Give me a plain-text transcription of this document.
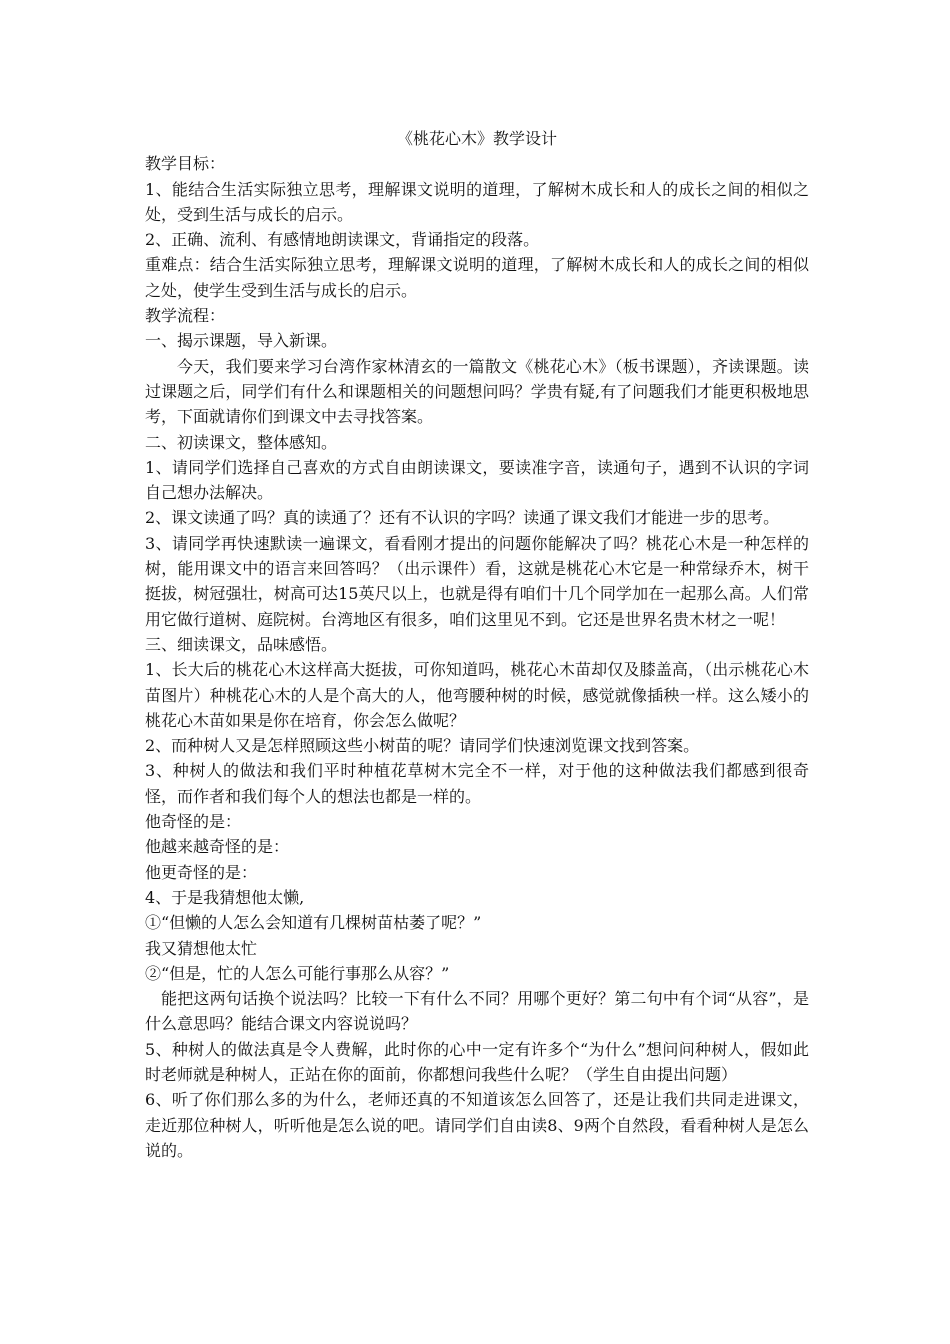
《桃花心木》教学设计

教学目标：

1、能结合生活实际独立思考，理解课文说明的道理，了解树木成长和人的成长之间的相似之处，受到生活与成长的启示。

2、正确、流利、有感情地朗读课文，背诵指定的段落。

重难点：结合生活实际独立思考，理解课文说明的道理，了解树木成长和人的成长之间的相似之处，使学生受到生活与成长的启示。

教学流程：

一、揭示课题，导入新课。

今天，我们要来学习台湾作家林清玄的一篇散文《桃花心木》（板书课题），齐读课题。读过课题之后，同学们有什么和课题相关的问题想问吗？学贵有疑,有了问题我们才能更积极地思考，下面就请你们到课文中去寻找答案。

二、初读课文，整体感知。

1、请同学们选择自己喜欢的方式自由朗读课文，要读准字音，读通句子，遇到不认识的字词自己想办法解决。

2、课文读通了吗？真的读通了？还有不认识的字吗？读通了课文我们才能进一步的思考。

3、请同学再快速默读一遍课文，看看刚才提出的问题你能解决了吗？桃花心木是一种怎样的树，能用课文中的语言来回答吗？（出示课件）看，这就是桃花心木它是一种常绿乔木，树干挺拔，树冠强壮，树高可达15英尺以上，也就是得有咱们十几个同学加在一起那么高。人们常用它做行道树、庭院树。台湾地区有很多，咱们这里见不到。它还是世界名贵木材之一呢！

三、细读课文，品味感悟。

1、长大后的桃花心木这样高大挺拔，可你知道吗，桃花心木苗却仅及膝盖高，（出示桃花心木苗图片）种桃花心木的人是个高大的人，他弯腰种树的时候，感觉就像插秧一样。这么矮小的桃花心木苗如果是你在培育，你会怎么做呢？

2、而种树人又是怎样照顾这些小树苗的呢？请同学们快速浏览课文找到答案。

3、种树人的做法和我们平时种植花草树木完全不一样，对于他的这种做法我们都感到很奇怪，而作者和我们每个人的想法也都是一样的。

他奇怪的是：

他越来越奇怪的是：

他更奇怪的是：

4、于是我猜想他太懒,

①“但懒的人怎么会知道有几棵树苗枯萎了呢？”

我又猜想他太忙

②“但是，忙的人怎么可能行事那么从容？”

能把这两句话换个说法吗？比较一下有什么不同？用哪个更好？第二句中有个词“从容”，是什么意思吗？能结合课文内容说说吗？

5、种树人的做法真是令人费解，此时你的心中一定有许多个“为什么”想问问种树人，假如此时老师就是种树人，正站在你的面前，你都想问我些什么呢？（学生自由提出问题）

6、听了你们那么多的为什么，老师还真的不知道该怎么回答了，还是让我们共同走进课文，走近那位种树人，听听他是怎么说的吧。请同学们自由读8、9两个自然段，看看种树人是怎么说的。
